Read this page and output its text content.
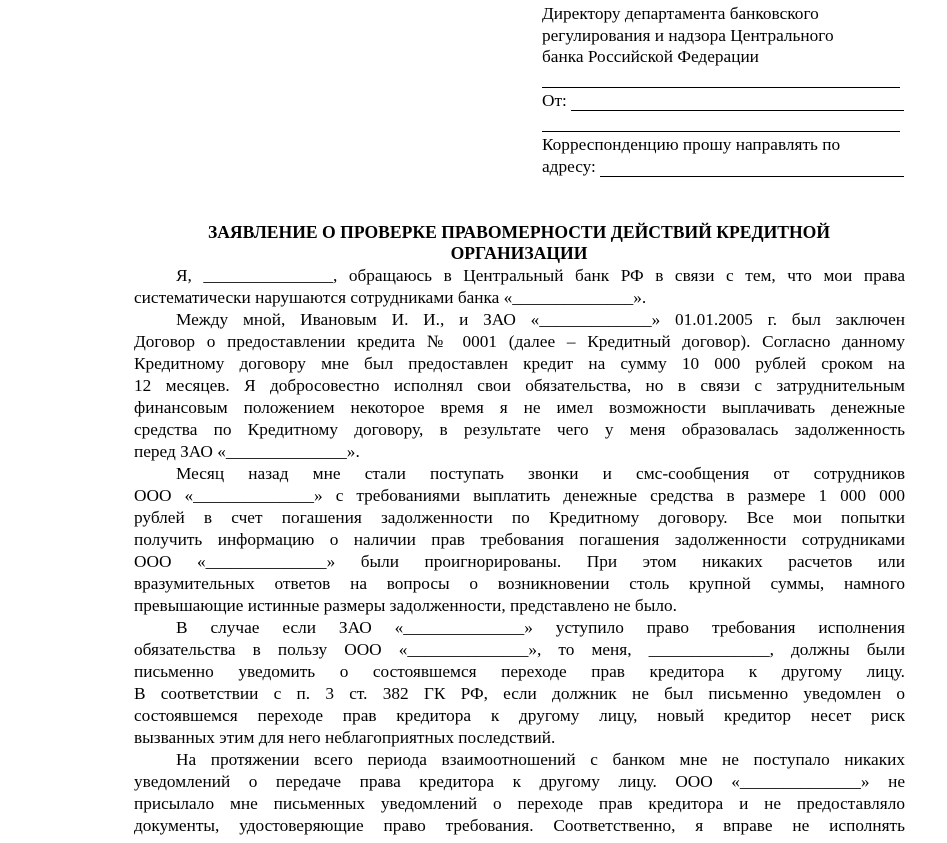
Директору департамента банковского
регулирования и надзора Центрального
банка Российской Федерации
От:
Корреспонденцию прошу направлять по
адресу:
ЗАЯВЛЕНИЕ О ПРОВЕРКЕ ПРАВОМЕРНОСТИ ДЕЙСТВИЙ КРЕДИТНОЙ
ОРГАНИЗАЦИИ
Я, _______________, обращаюсь в Центральный банк РФ в связи с тем, что мои права
систематически нарушаются сотрудниками банка «______________».
Между мной, Ивановым И. И., и ЗАО «_____________» 01.01.2005 г. был заключен
Договор о предоставлении кредита № 0001 (далее – Кредитный договор). Согласно данному
Кредитному договору мне был предоставлен кредит на сумму 10 000 рублей сроком на
12 месяцев. Я добросовестно исполнял свои обязательства, но в связи с затруднительным
финансовым положением некоторое время я не имел возможности выплачивать денежные
средства по Кредитному договору, в результате чего у меня образовалась задолженность
перед ЗАО «______________».
Месяц назад мне стали поступать звонки и смс-сообщения от сотрудников
ООО «______________» с требованиями выплатить денежные средства в размере 1 000 000
рублей в счет погашения задолженности по Кредитному договору. Все мои попытки
получить информацию о наличии прав требования погашения задолженности сотрудниками
ООО «______________» были проигнорированы. При этом никаких расчетов или
вразумительных ответов на вопросы о возникновении столь крупной суммы, намного
превышающие истинные размеры задолженности, представлено не было.
В случае если ЗАО «______________» уступило право требования исполнения
обязательства в пользу ООО «______________», то меня, ______________, должны были
письменно уведомить о состоявшемся переходе прав кредитора к другому лицу.
В соответствии с п. 3 ст. 382 ГК РФ, если должник не был письменно уведомлен о
состоявшемся переходе прав кредитора к другому лицу, новый кредитор несет риск
вызванных этим для него неблагоприятных последствий.
На протяжении всего периода взаимоотношений с банком мне не поступало никаких
уведомлений о передаче права кредитора к другому лицу. ООО «______________» не
присылало мне письменных уведомлений о переходе прав кредитора и не предоставляло
документы, удостоверяющие право требования. Соответственно, я вправе не исполнять
